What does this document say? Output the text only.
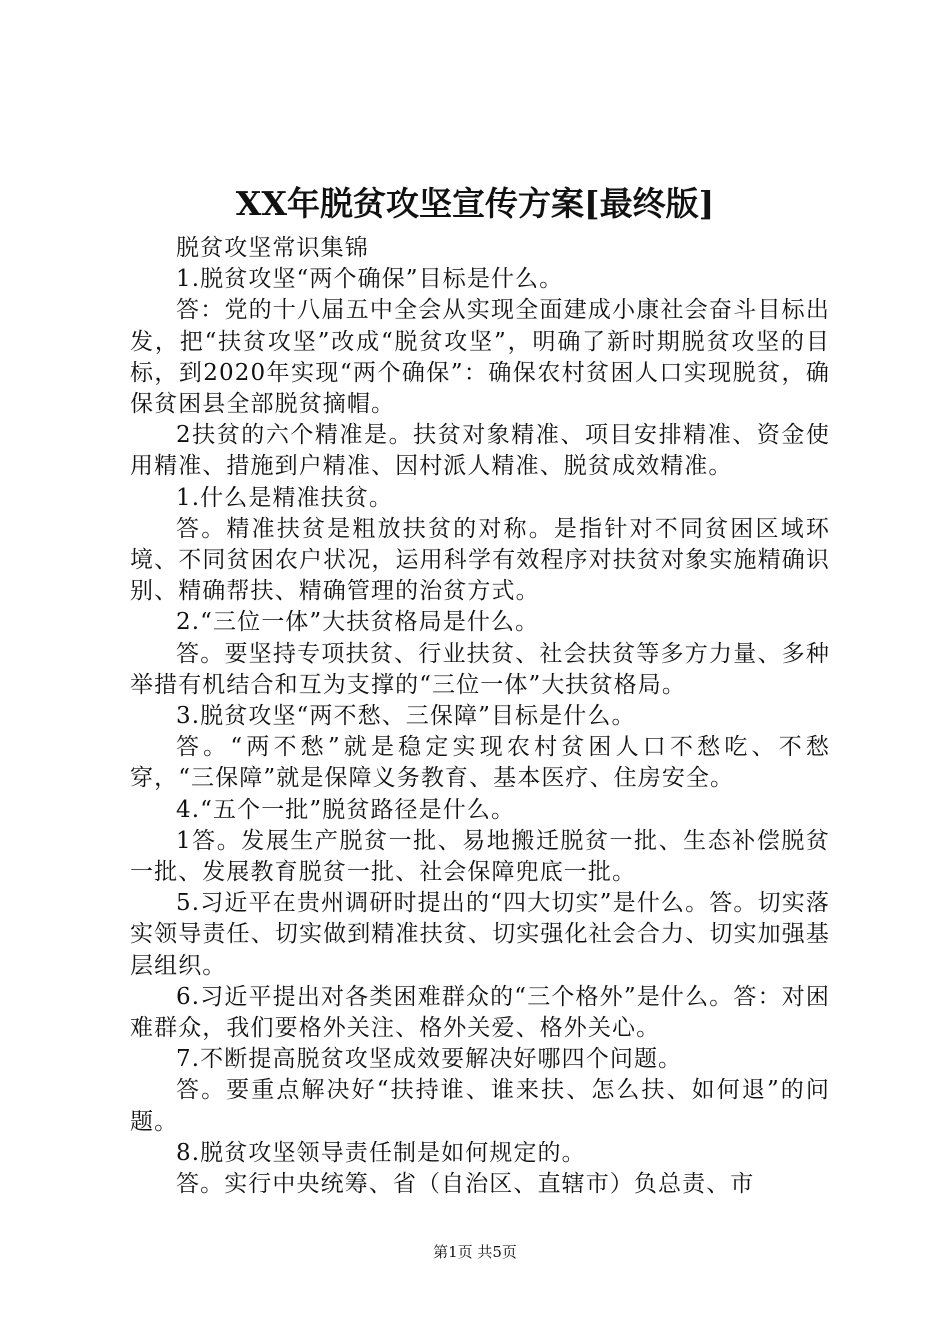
XX年脱贫攻坚宣传方案[最终版]

脱贫攻坚常识集锦

1.脱贫攻坚“两个确保”目标是什么。

答：党的十八届五中全会从实现全面建成小康社会奋斗目标出发，把“扶贫攻坚”改成“脱贫攻坚”，明确了新时期脱贫攻坚的目标，到2020年实现“两个确保”：确保农村贫困人口实现脱贫，确保贫困县全部脱贫摘帽。

2扶贫的六个精准是。扶贫对象精准、项目安排精准、资金使用精准、措施到户精准、因村派人精准、脱贫成效精准。

1.什么是精准扶贫。

答。精准扶贫是粗放扶贫的对称。是指针对不同贫困区域环境、不同贫困农户状况，运用科学有效程序对扶贫对象实施精确识别、精确帮扶、精确管理的治贫方式。

2.“三位一体”大扶贫格局是什么。

答。要坚持专项扶贫、行业扶贫、社会扶贫等多方力量、多种举措有机结合和互为支撑的“三位一体”大扶贫格局。

3.脱贫攻坚“两不愁、三保障”目标是什么。

答。“两不愁”就是稳定实现农村贫困人口不愁吃、不愁穿，“三保障”就是保障义务教育、基本医疗、住房安全。

4.“五个一批”脱贫路径是什么。

1答。发展生产脱贫一批、易地搬迁脱贫一批、生态补偿脱贫一批、发展教育脱贫一批、社会保障兜底一批。

5.习近平在贵州调研时提出的“四大切实”是什么。答。切实落实领导责任、切实做到精准扶贫、切实强化社会合力、切实加强基层组织。

6.习近平提出对各类困难群众的“三个格外”是什么。答：对困难群众，我们要格外关注、格外关爱、格外关心。

7.不断提高脱贫攻坚成效要解决好哪四个问题。

答。要重点解决好“扶持谁、谁来扶、怎么扶、如何退”的问题。

8.脱贫攻坚领导责任制是如何规定的。

答。实行中央统筹、省（自治区、直辖市）负总责、市

第1页 共5页
